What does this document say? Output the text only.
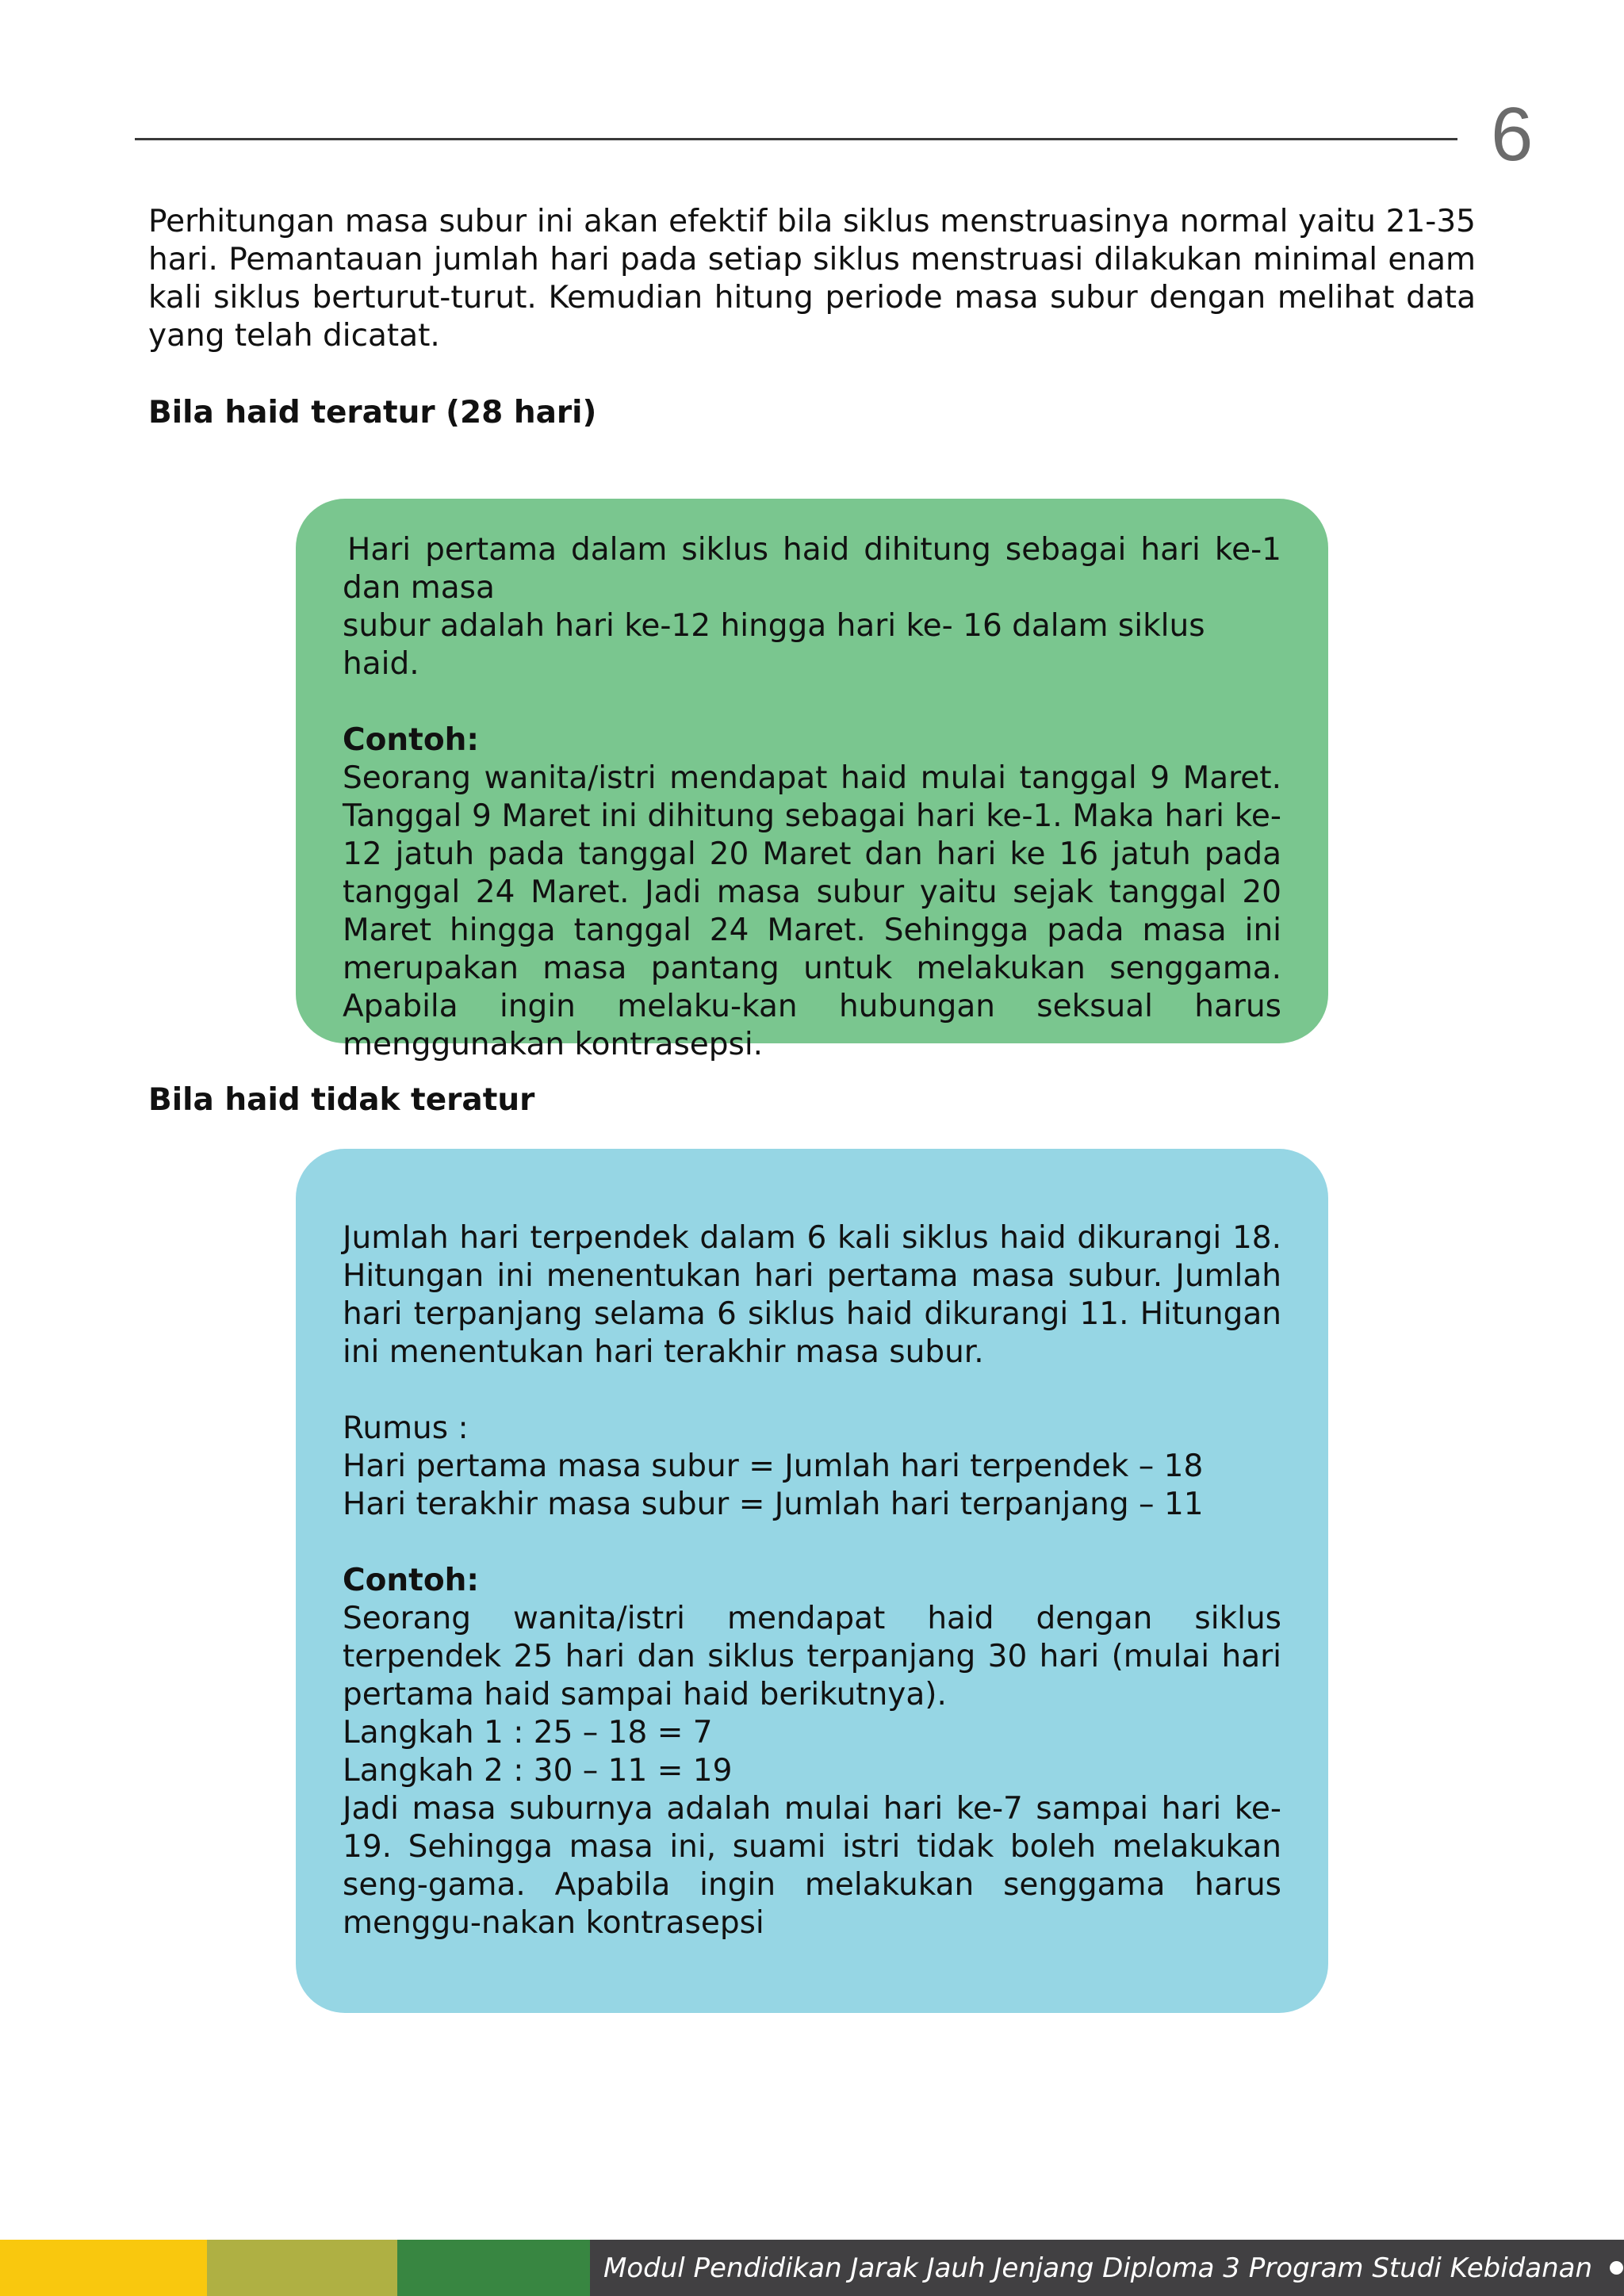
6

Perhitungan masa subur ini akan efektif bila siklus menstruasinya normal yaitu 21-35 hari. Pemantauan jumlah hari pada setiap siklus menstruasi dilakukan minimal enam kali siklus berturut-turut. Kemudian hitung periode masa subur dengan melihat data yang telah dicatat.

Bila haid teratur (28 hari)

Hari pertama dalam siklus haid dihitung sebagai hari ke-1

dan masa
subur adalah hari ke-12 hingga hari ke- 16 dalam siklus haid.
Contoh:

Seorang wanita/istri mendapat haid mulai tanggal 9 Maret. Tanggal 9 Maret ini dihitung sebagai hari ke-1. Maka hari ke-12 jatuh pada tanggal 20 Maret dan hari ke 16 jatuh pada tanggal 24 Maret. Jadi masa subur yaitu sejak tanggal 20 Maret hingga tanggal 24 Maret. Sehingga pada masa ini merupakan masa pantang untuk melakukan senggama. Apabila ingin melaku-kan hubungan seksual harus menggunakan kontrasepsi.

Bila haid tidak teratur

Jumlah hari terpendek dalam 6 kali siklus haid dikurangi 18. Hitungan ini menentukan hari pertama masa subur. Jumlah hari terpanjang selama 6 siklus haid dikurangi 11. Hitungan ini menentukan hari terakhir masa subur.

Rumus :
Hari pertama masa subur = Jumlah hari terpendek – 18
Hari terakhir masa subur = Jumlah hari terpanjang – 11
Contoh:

Seorang wanita/istri mendapat haid dengan siklus terpendek 25 hari dan siklus terpanjang 30 hari (mulai hari pertama haid sampai haid berikutnya).

Langkah 1 : 25 – 18 = 7
Langkah 2 : 30 – 11 = 19

Jadi masa suburnya adalah mulai hari ke-7 sampai hari ke-19. Sehingga masa ini, suami istri tidak boleh melakukan seng-gama. Apabila ingin melakukan senggama harus menggu-nakan kontrasepsi

Modul Pendidikan Jarak Jauh Jenjang Diploma 3 Program Studi Kebidanan
